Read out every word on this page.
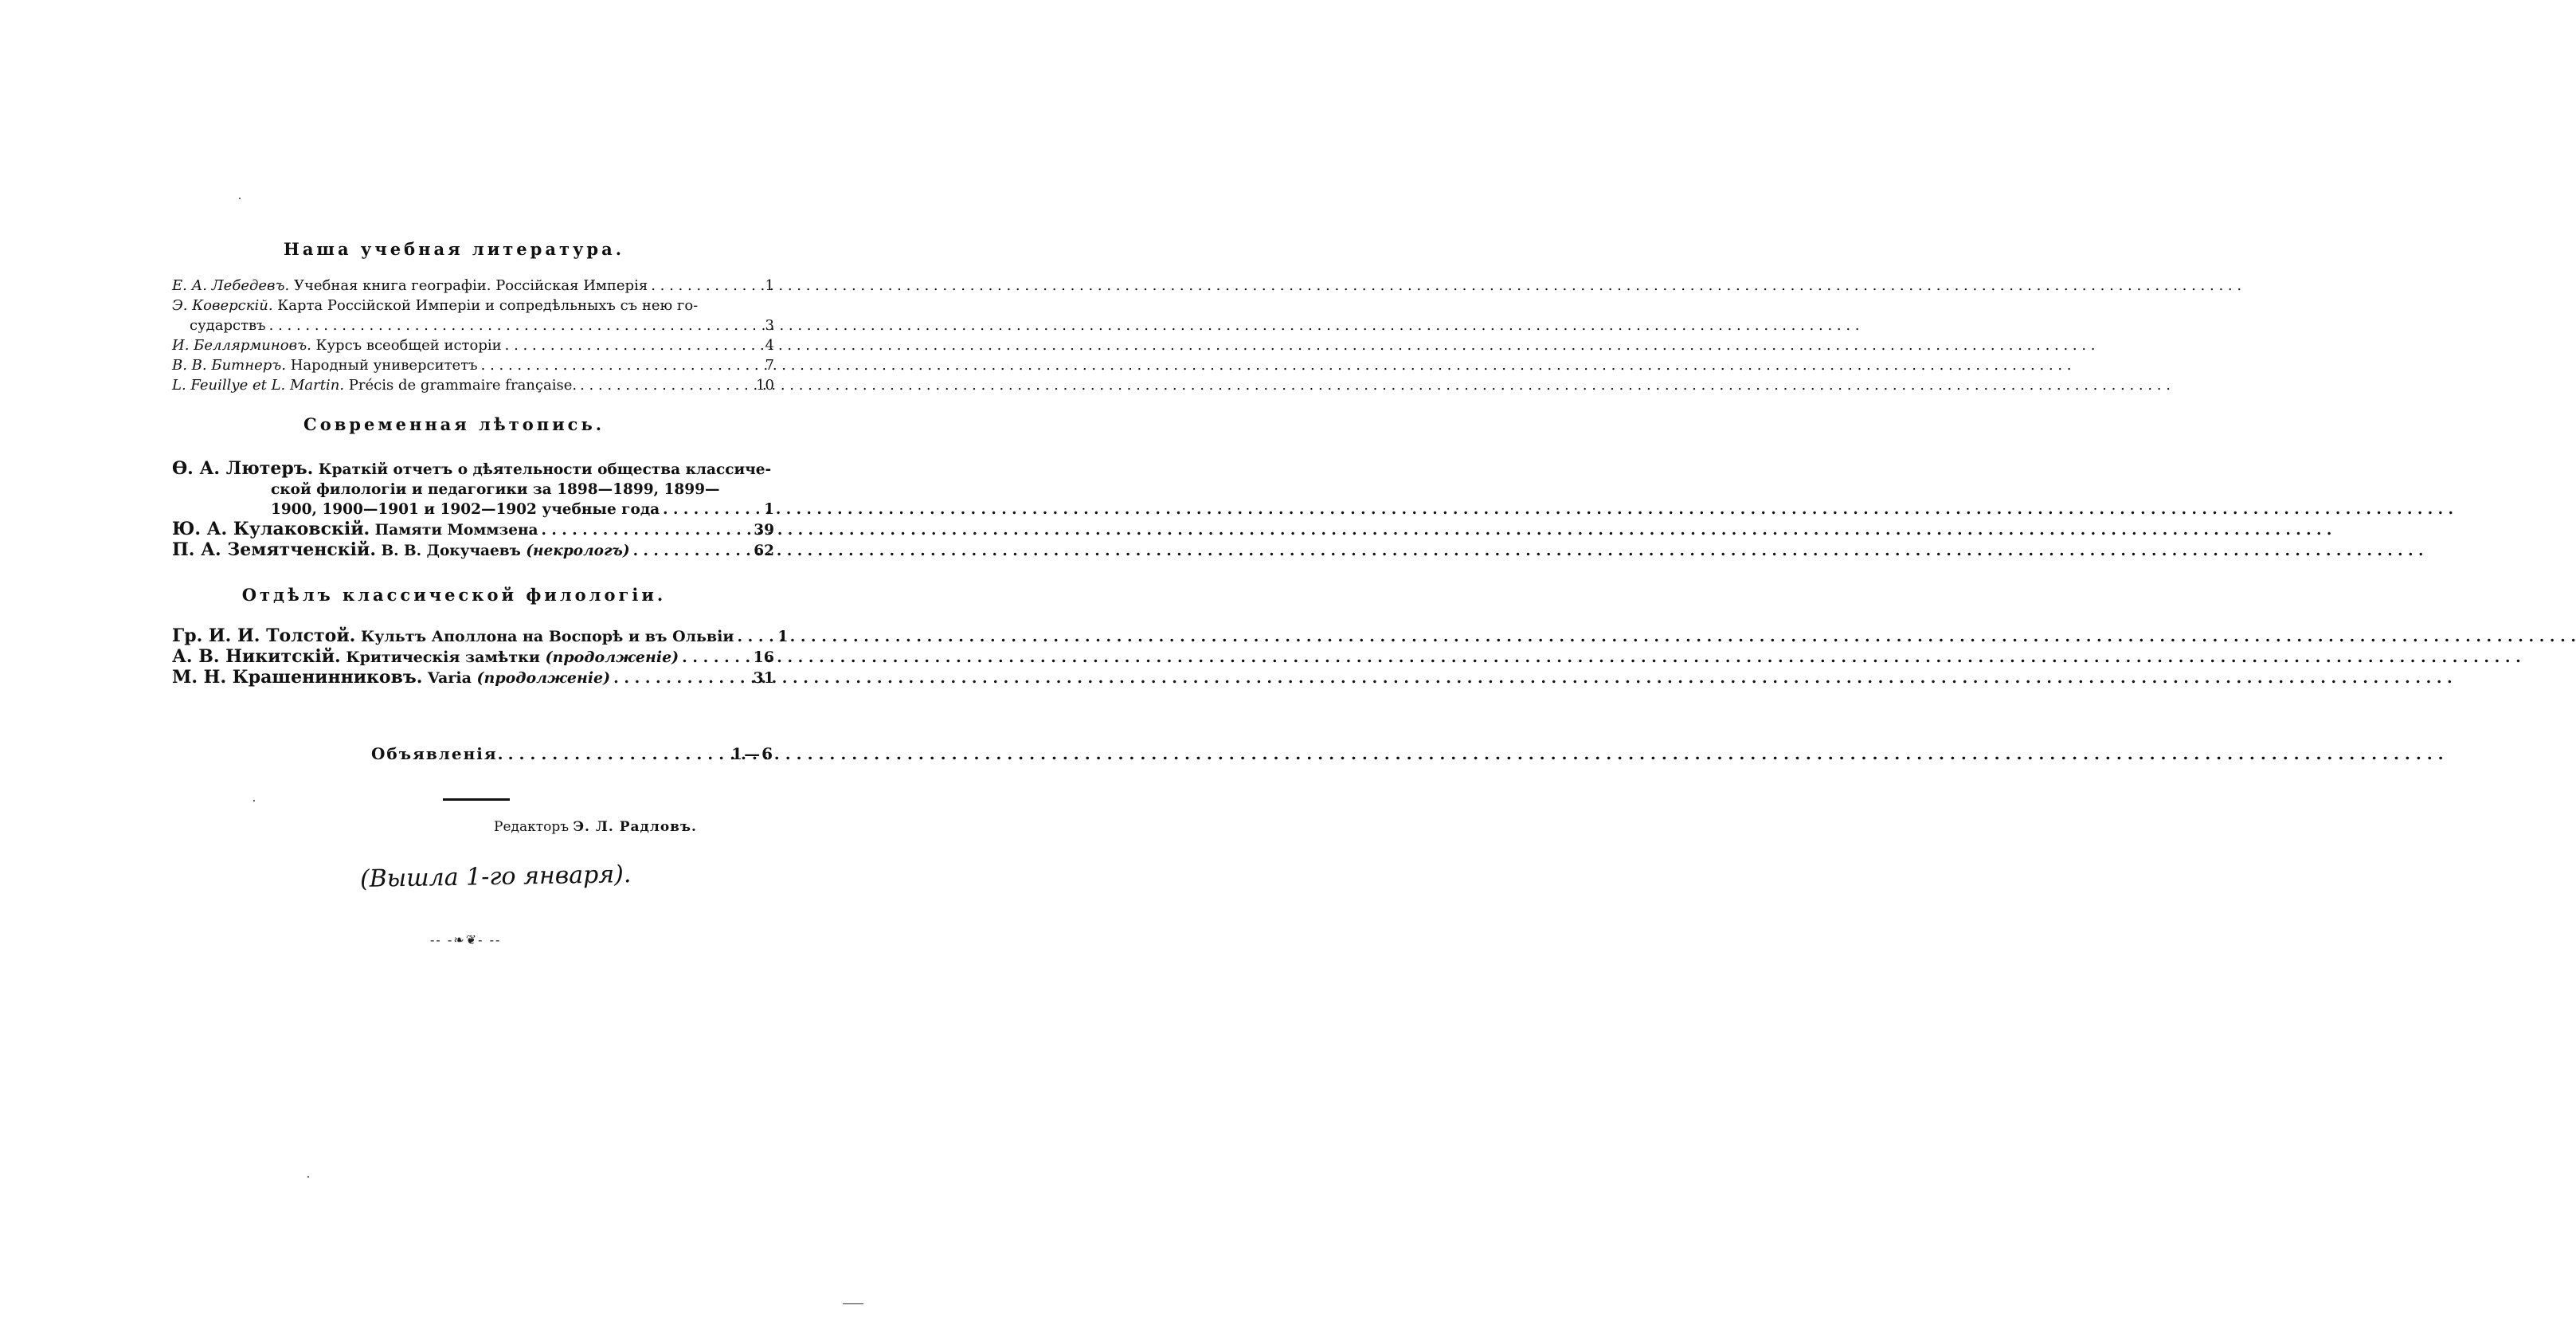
Наша учебная литература.
Е. А. Лебедевъ. Учебная книга географіи. Россійская Имперія . . .	1
Э. Коверскій. Карта Россійской Имперіи и сопредѣльныхъ съ нею го-
сударствъ . . .	3
И. Беллярминовъ. Курсъ всеобщей исторіи . . .	4
В. В. Битнеръ. Народный университетъ . . .	7
L. Feuillye et L. Martin. Précis de grammaire française. . . .	10
Современная лѣтопись.
Ө. А. Лютеръ. Краткій отчетъ о дѣятельности общества классиче-
ской филологіи и педагогики за 1898—1899, 1899—
1900, 1900—1901 и 1902—1902 учебные года . . .	1
Ю. А. Кулаковскій. Памяти Моммзена . . .	39
П. А. Земятченскій. В. В. Докучаевъ (некрологъ) . . .	62
Отдѣлъ классической филологіи.
Гр. И. И. Толстой. Культъ Аполлона на Воспорѣ и въ Ольвіи . . .	1
А. В. Никитскій. Критическія замѣтки (продолженіе) . . .	16
М. Н. Крашенинниковъ. Varia (продолженіе) . . .	31
Объявленія. . . .	1—6
Редакторъ Э. Л. Радловъ.
(Вышла 1-го января).
-- -❧❦- --
